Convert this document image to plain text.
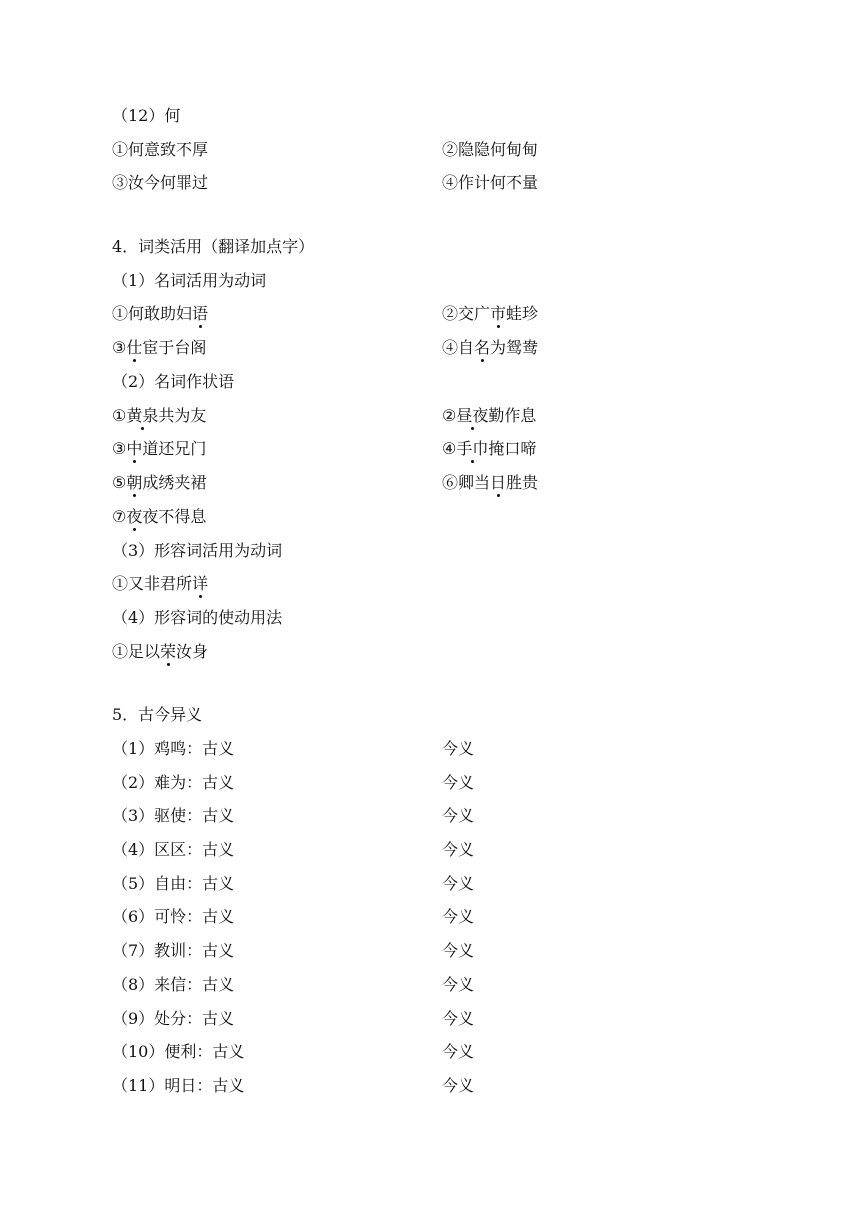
（12）何
①何意致不厚	②隐隐何甸甸
③汝今何罪过	④作计何不量
4．词类活用（翻译加点字）
（1）名词活用为动词
①何敢助妇语	②交广市蛙珍
③仕宦于台阁	④自名为鸳鸯
（2）名词作状语
①黄泉共为友	②昼夜勤作息
③中道还兄门	④手巾掩口啼
⑤朝成绣夹裙	⑥卿当日胜贵
⑦夜夜不得息
（3）形容词活用为动词
①又非君所详
（4）形容词的使动用法
①足以荣汝身
5．古今异义
（1）鸡鸣：古义	今义
（2）难为：古义	今义
（3）驱使：古义	今义
（4）区区：古义	今义
（5）自由：古义	今义
（6）可怜：古义	今义
（7）教训：古义	今义
（8）来信：古义	今义
（9）处分：古义	今义
（10）便利：古义	今义
（11）明日：古义	今义
